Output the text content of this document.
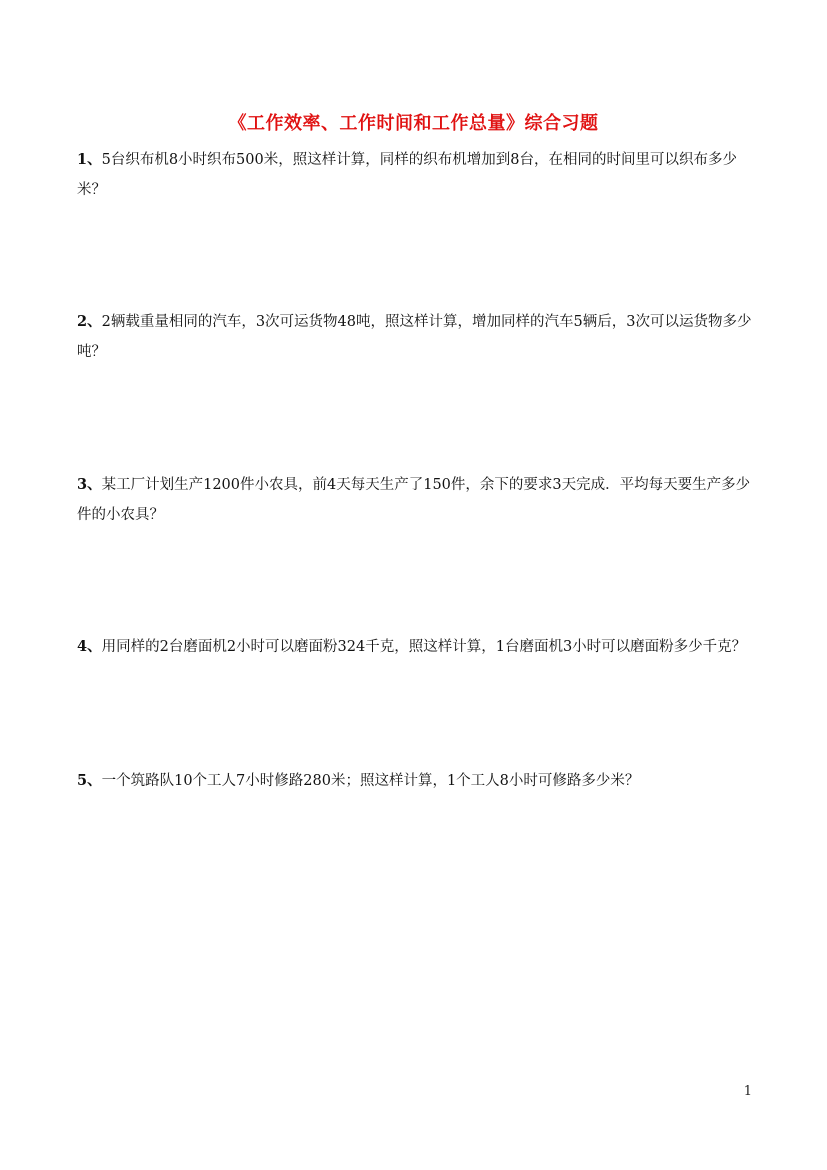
《工作效率、工作时间和工作总量》综合习题
1、5台织布机8小时织布500米，照这样计算，同样的织布机增加到8台，在相同的时间里可以织布多少米？
2、2辆载重量相同的汽车，3次可运货物48吨，照这样计算，增加同样的汽车5辆后，3次可以运货物多少吨？
3、某工厂计划生产1200件小农具，前4天每天生产了150件，余下的要求3天完成．平均每天要生产多少件的小农具？
4、用同样的2台磨面机2小时可以磨面粉324千克，照这样计算，1台磨面机3小时可以磨面粉多少千克？
5、一个筑路队10个工人7小时修路280米；照这样计算，1个工人8小时可修路多少米？
1
